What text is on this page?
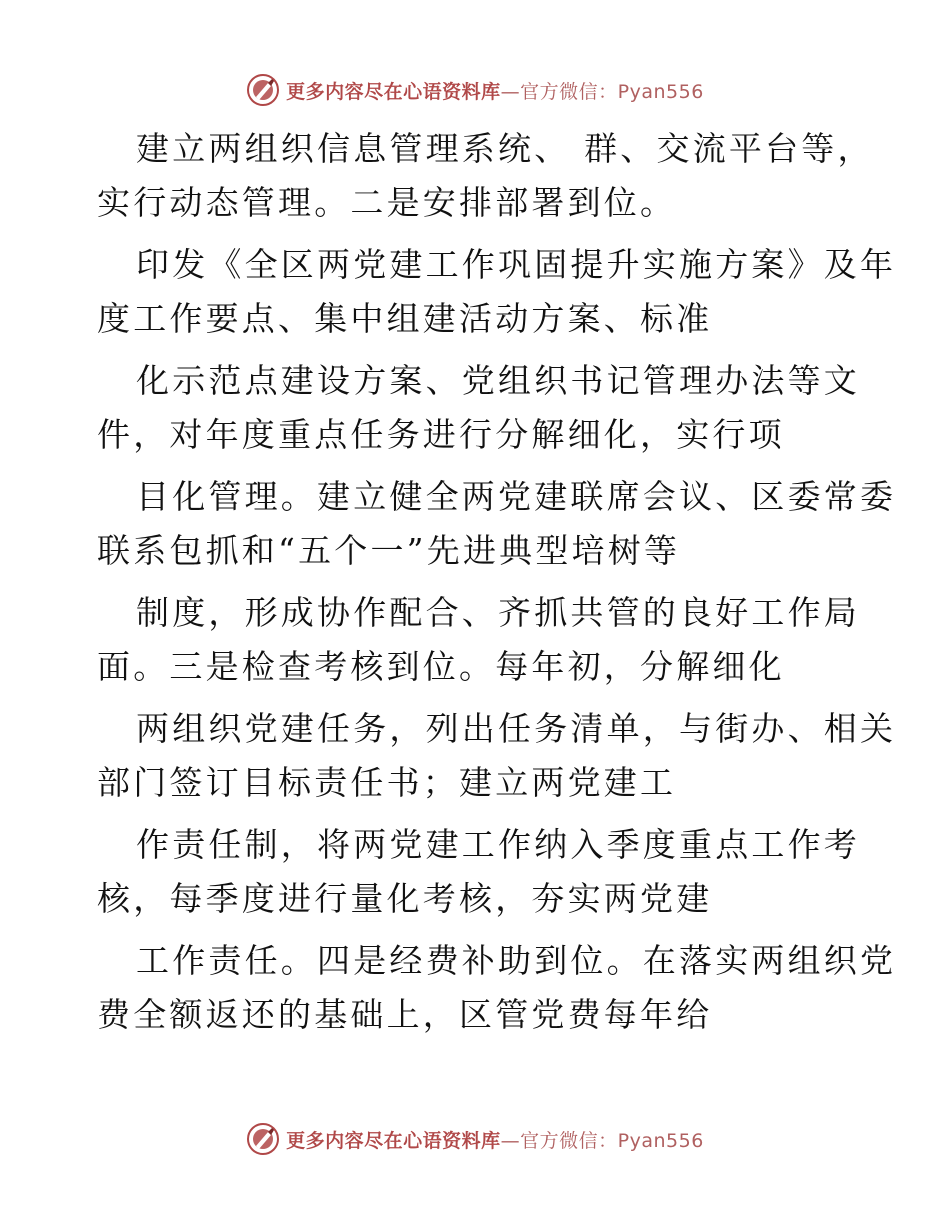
更多内容尽在心语资料库—官方微信：Pyan556
建立两组织信息管理系统、 群、交流平台等，
实行动态管理。二是安排部署到位。
印发《全区两党建工作巩固提升实施方案》及年
度工作要点、集中组建活动方案、标准
化示范点建设方案、党组织书记管理办法等文
件，对年度重点任务进行分解细化，实行项
目化管理。建立健全两党建联席会议、区委常委
联系包抓和“五个一”先进典型培树等
制度，形成协作配合、齐抓共管的良好工作局
面。三是检查考核到位。每年初，分解细化
两组织党建任务，列出任务清单，与街办、相关
部门签订目标责任书；建立两党建工
作责任制，将两党建工作纳入季度重点工作考
核，每季度进行量化考核，夯实两党建
工作责任。四是经费补助到位。在落实两组织党
费全额返还的基础上，区管党费每年给
更多内容尽在心语资料库—官方微信：Pyan556
